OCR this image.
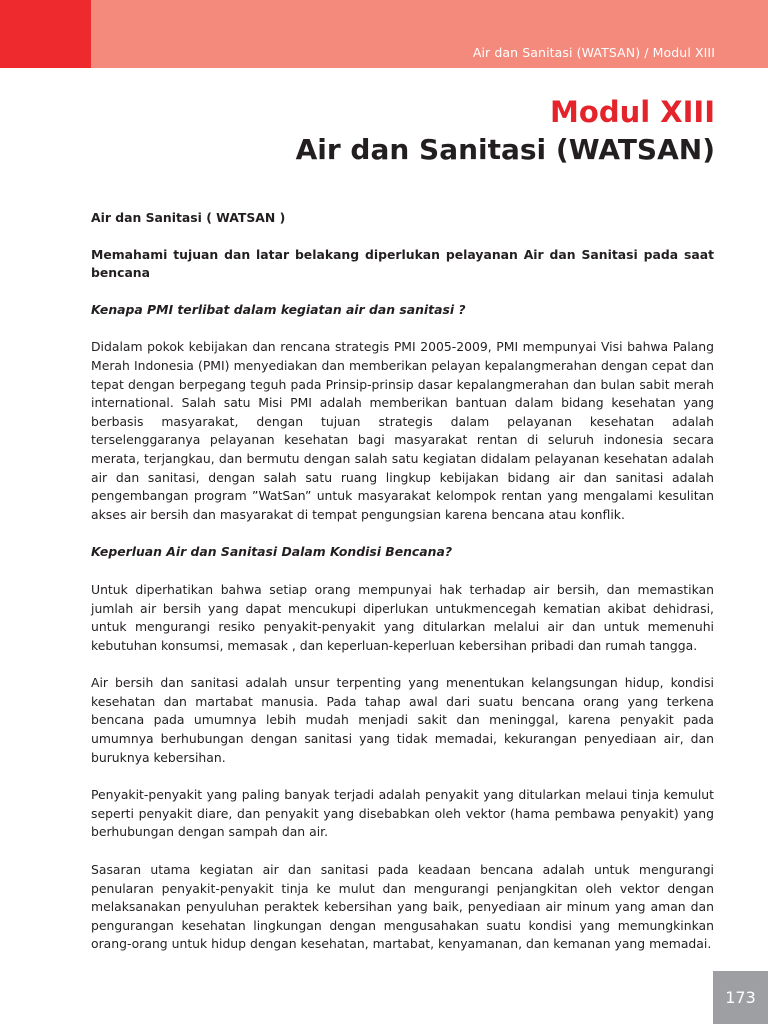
Air dan Sanitasi (WATSAN) / Modul XIII
Modul XIII
Air dan Sanitasi (WATSAN)

Air dan Sanitasi ( WATSAN )

Memahami tujuan dan latar belakang diperlukan pelayanan Air dan Sanitasi pada saat bencana

Kenapa PMI terlibat dalam kegiatan air dan sanitasi ?

Didalam pokok kebijakan dan rencana strategis PMI 2005-2009, PMI mempunyai Visi bahwa Palang Merah Indonesia (PMI) menyediakan dan memberikan pelayan kepalangmerahan dengan cepat dan tepat dengan berpegang teguh pada Prinsip-prinsip dasar kepalangmerahan dan bulan sabit merah international. Salah satu Misi PMI adalah memberikan bantuan dalam bidang kesehatan yang berbasis masyarakat, dengan tujuan strategis dalam pelayanan kesehatan adalah terselenggaranya pelayanan kesehatan bagi masyarakat rentan di seluruh indonesia secara merata, terjangkau, dan bermutu dengan salah satu kegiatan didalam pelayanan kesehatan adalah air dan sanitasi, dengan salah satu ruang lingkup kebijakan bidang air dan sanitasi adalah pengembangan program ”WatSan” untuk masyarakat kelompok rentan yang mengalami kesulitan akses air bersih dan masyarakat di tempat pengungsian karena bencana atau konflik.

Keperluan Air dan Sanitasi Dalam Kondisi Bencana?

Untuk diperhatikan bahwa setiap orang mempunyai hak terhadap air bersih, dan memastikan jumlah air bersih yang dapat mencukupi diperlukan untukmencegah kematian akibat dehidrasi, untuk mengurangi resiko penyakit-penyakit yang ditularkan melalui air dan untuk memenuhi kebutuhan konsumsi, memasak , dan keperluan-keperluan kebersihan pribadi dan rumah tangga.

Air bersih dan sanitasi adalah unsur terpenting yang menentukan kelangsungan hidup, kondisi kesehatan dan martabat manusia. Pada tahap awal dari suatu bencana orang yang terkena bencana pada umumnya lebih mudah menjadi sakit dan meninggal, karena penyakit pada umumnya berhubungan dengan sanitasi yang tidak memadai, kekurangan penyediaan air, dan buruknya kebersihan.

Penyakit-penyakit yang paling banyak terjadi adalah penyakit yang ditularkan melaui tinja kemulut seperti penyakit diare, dan penyakit yang disebabkan oleh vektor (hama pembawa penyakit) yang berhubungan dengan sampah dan air.

Sasaran utama kegiatan air dan sanitasi pada keadaan bencana adalah untuk mengurangi penularan penyakit-penyakit tinja ke mulut dan mengurangi penjangkitan oleh vektor dengan melaksanakan penyuluhan peraktek kebersihan yang baik, penyediaan air minum yang aman dan pengurangan kesehatan lingkungan dengan mengusahakan suatu kondisi yang memungkinkan orang-orang untuk hidup dengan kesehatan, martabat, kenyamanan, dan kemanan yang memadai.

173
